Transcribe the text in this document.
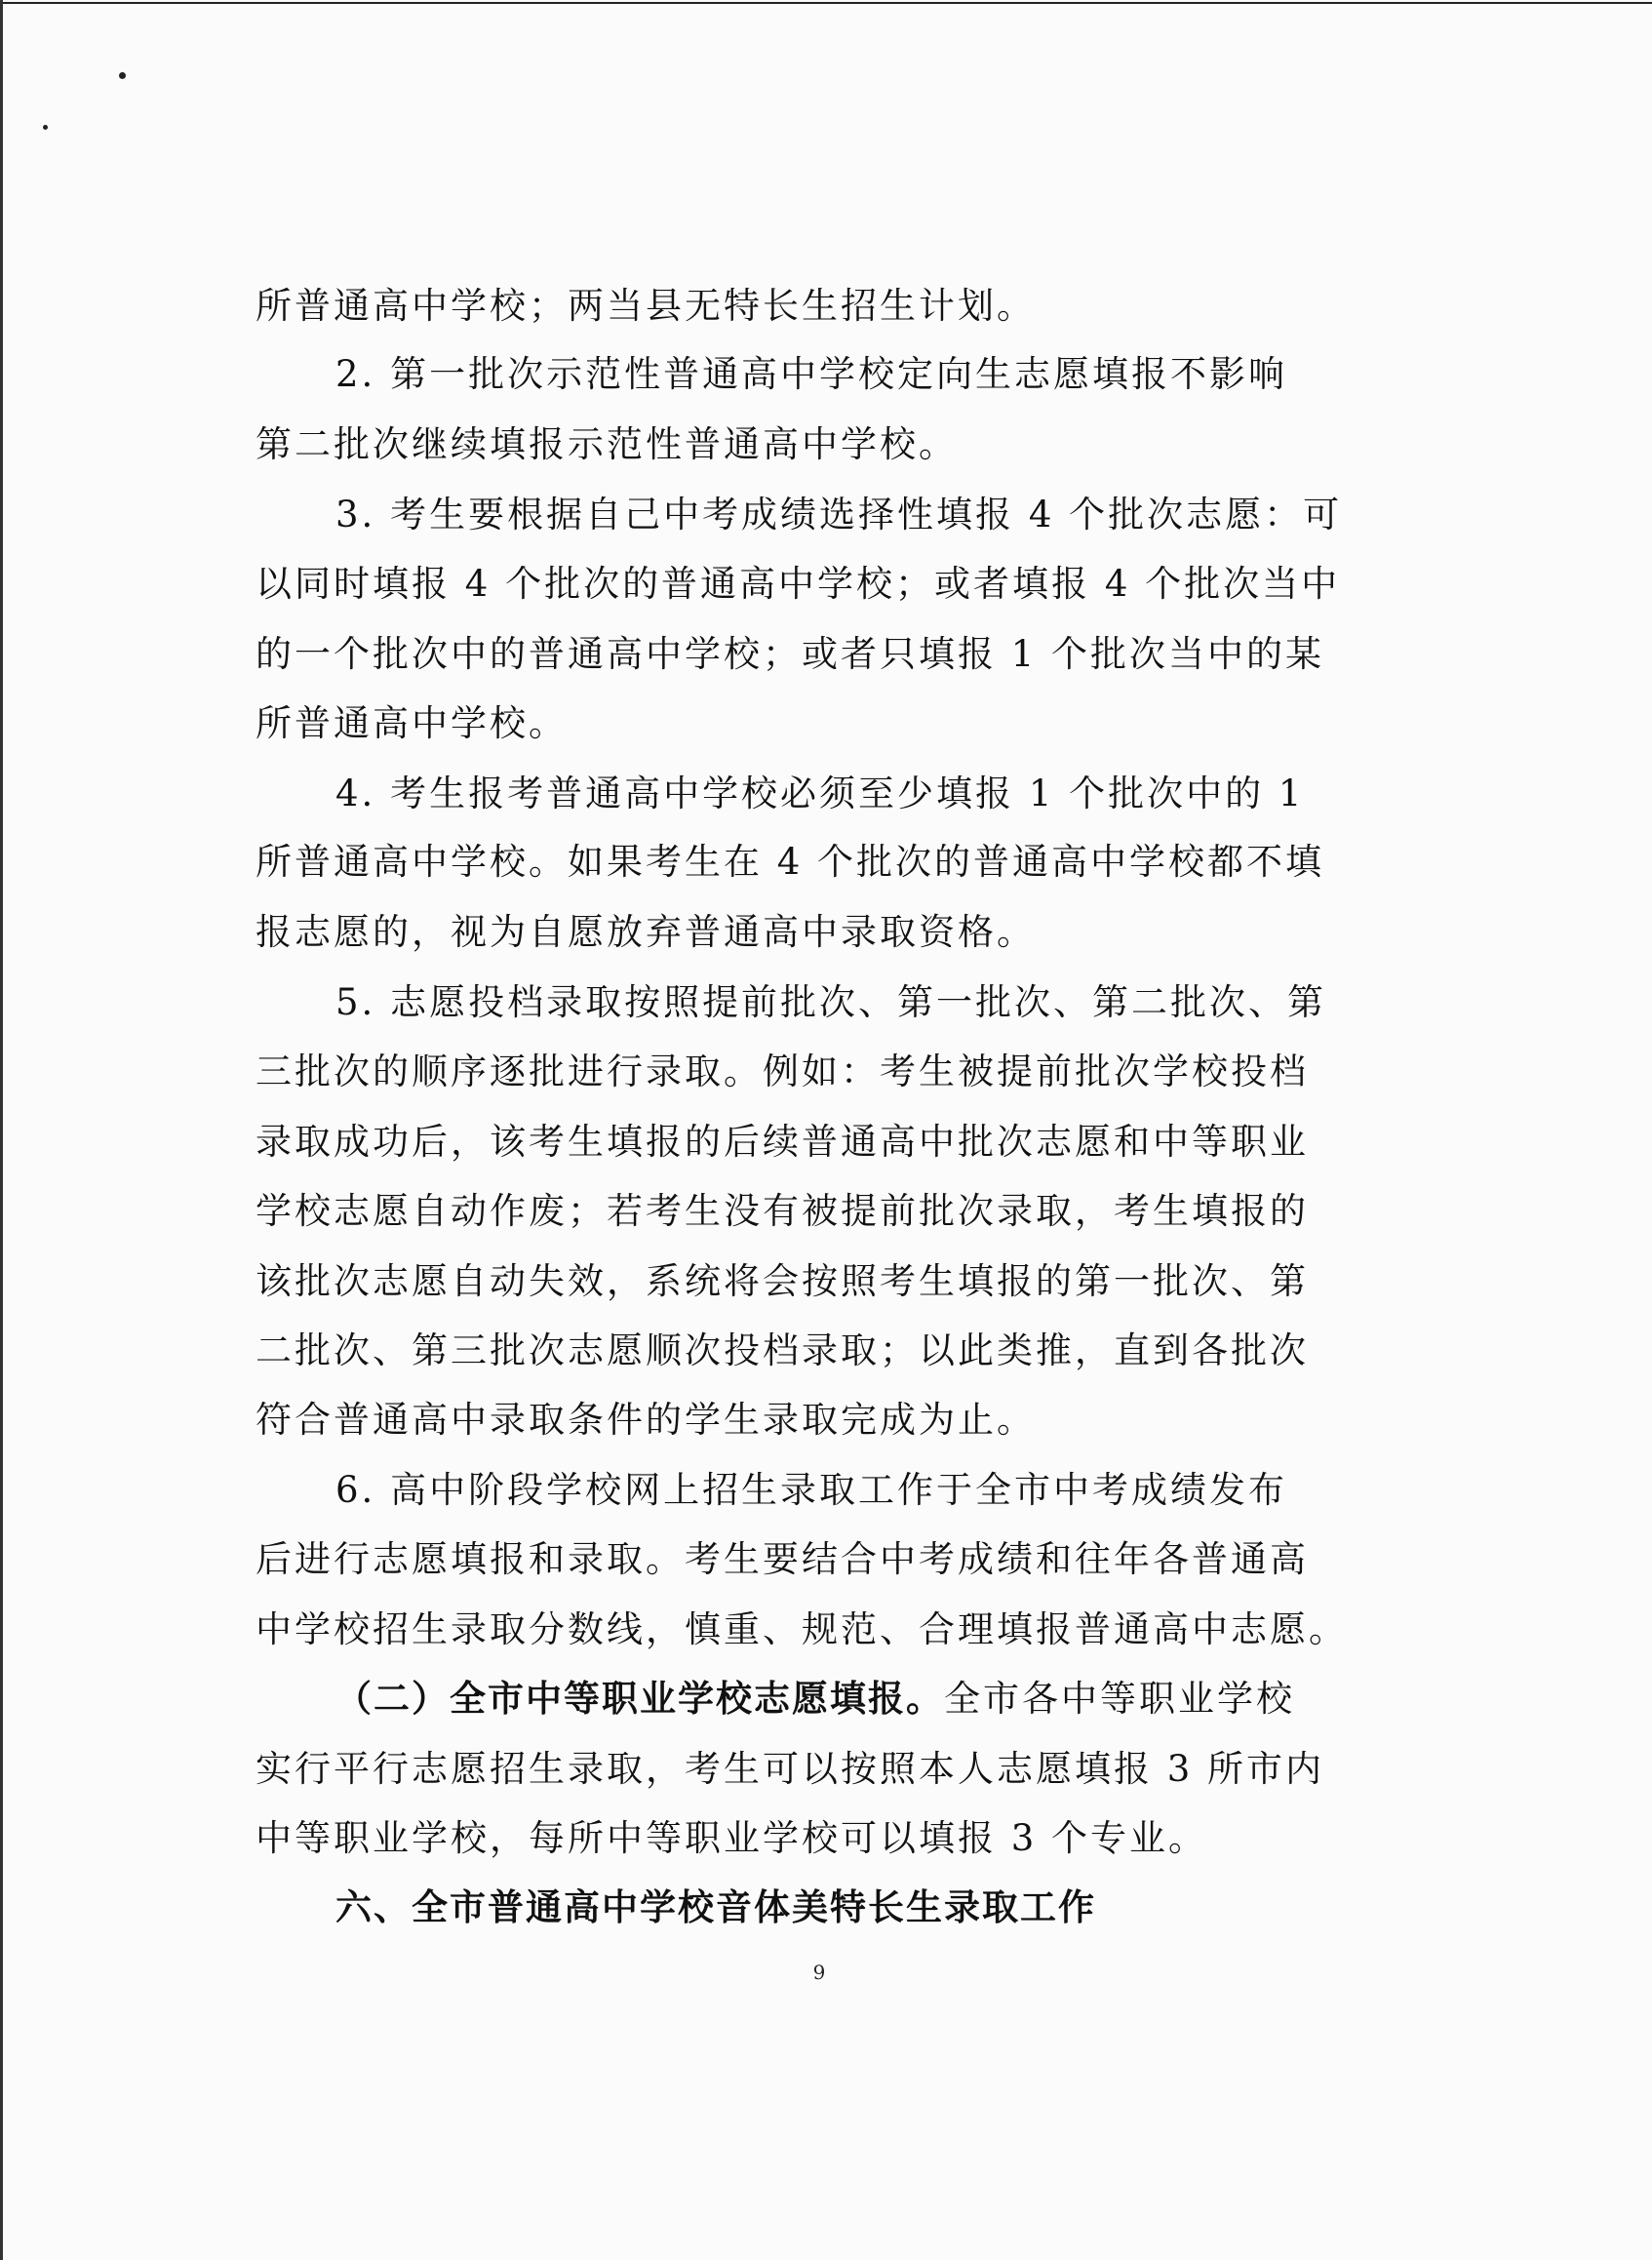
所普通高中学校；两当县无特长生招生计划。
2. 第一批次示范性普通高中学校定向生志愿填报不影响
第二批次继续填报示范性普通高中学校。
3. 考生要根据自己中考成绩选择性填报 4 个批次志愿：可
以同时填报 4 个批次的普通高中学校；或者填报 4 个批次当中
的一个批次中的普通高中学校；或者只填报 1 个批次当中的某
所普通高中学校。
4. 考生报考普通高中学校必须至少填报 1 个批次中的 1
所普通高中学校。如果考生在 4 个批次的普通高中学校都不填
报志愿的，视为自愿放弃普通高中录取资格。
5. 志愿投档录取按照提前批次、第一批次、第二批次、第
三批次的顺序逐批进行录取。例如：考生被提前批次学校投档
录取成功后，该考生填报的后续普通高中批次志愿和中等职业
学校志愿自动作废；若考生没有被提前批次录取，考生填报的
该批次志愿自动失效，系统将会按照考生填报的第一批次、第
二批次、第三批次志愿顺次投档录取；以此类推，直到各批次
符合普通高中录取条件的学生录取完成为止。
6. 高中阶段学校网上招生录取工作于全市中考成绩发布
后进行志愿填报和录取。考生要结合中考成绩和往年各普通高
中学校招生录取分数线，慎重、规范、合理填报普通高中志愿。
（二）全市中等职业学校志愿填报。全市各中等职业学校
实行平行志愿招生录取，考生可以按照本人志愿填报 3 所市内
中等职业学校，每所中等职业学校可以填报 3 个专业。
六、全市普通高中学校音体美特长生录取工作
9
